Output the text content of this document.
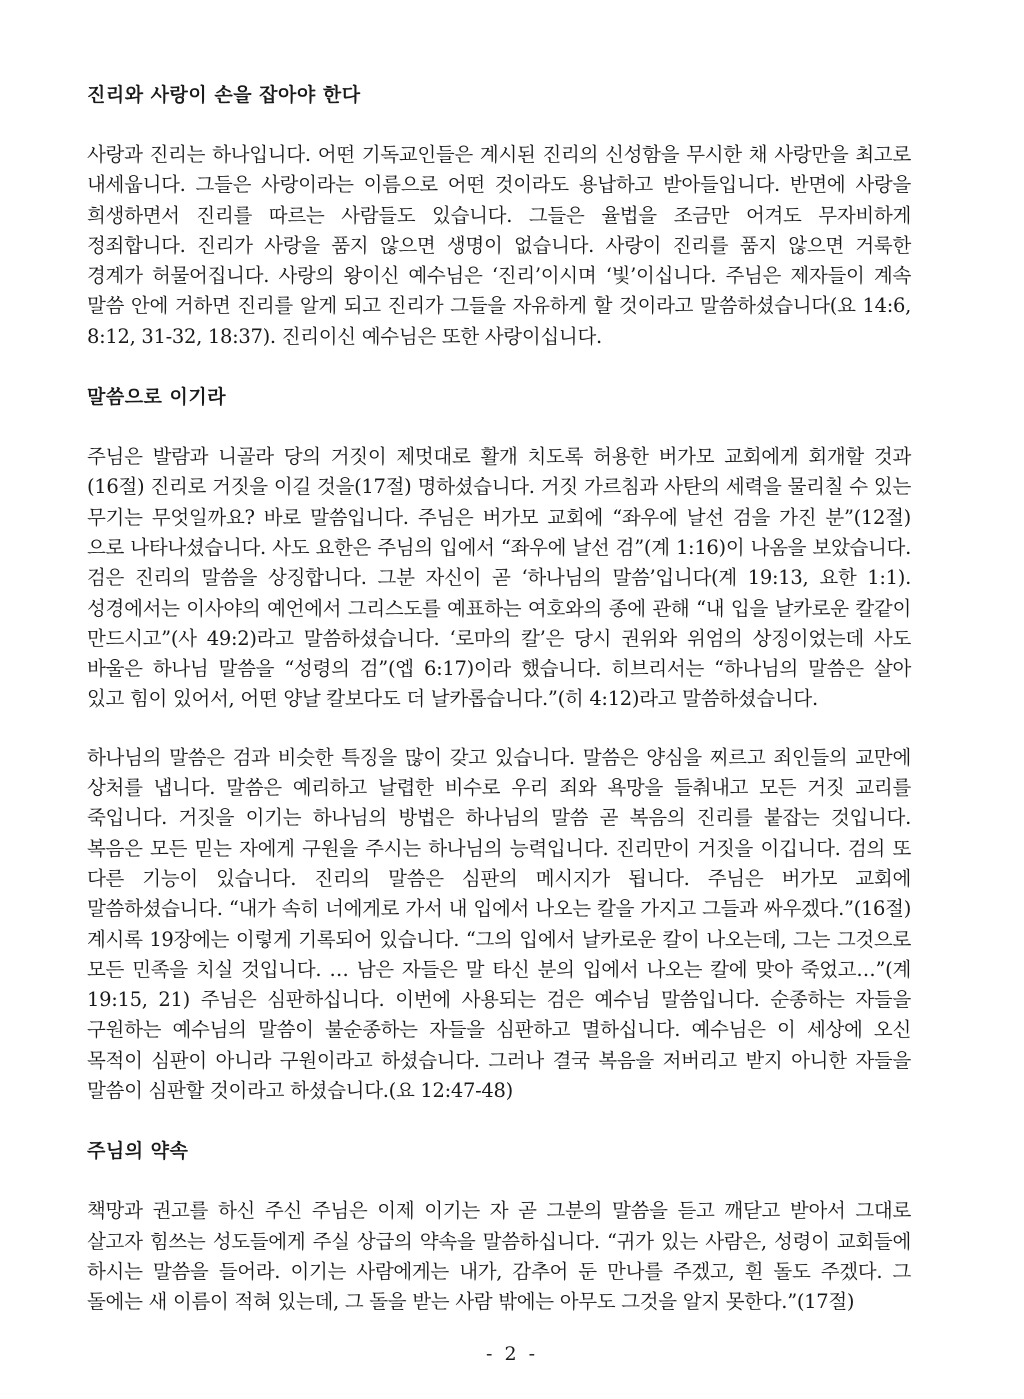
진리와 사랑이 손을 잡아야 한다

사랑과 진리는 하나입니다. 어떤 기독교인들은 계시된 진리의 신성함을 무시한 채 사랑만을 최고로 내세웁니다. 그들은 사랑이라는 이름으로 어떤 것이라도 용납하고 받아들입니다. 반면에 사랑을 희생하면서 진리를 따르는 사람들도 있습니다. 그들은 율법을 조금만 어겨도 무자비하게 정죄합니다. 진리가 사랑을 품지 않으면 생명이 없습니다. 사랑이 진리를 품지 않으면 거룩한 경계가 허물어집니다. 사랑의 왕이신 예수님은 ‘진리’이시며 ‘빛’이십니다. 주님은 제자들이 계속 말씀 안에 거하면 진리를 알게 되고 진리가 그들을 자유하게 할 것이라고 말씀하셨습니다(요 14:6, 8:12, 31-32, 18:37). 진리이신 예수님은 또한 사랑이십니다.

말씀으로 이기라

주님은 발람과 니골라 당의 거짓이 제멋대로 활개 치도록 허용한 버가모 교회에게 회개할 것과(16절) 진리로 거짓을 이길 것을(17절) 명하셨습니다. 거짓 가르침과 사탄의 세력을 물리칠 수 있는 무기는 무엇일까요? 바로 말씀입니다. 주님은 버가모 교회에 “좌우에 날선 검을 가진 분”(12절)으로 나타나셨습니다. 사도 요한은 주님의 입에서 “좌우에 날선 검”(계 1:16)이 나옴을 보았습니다. 검은 진리의 말씀을 상징합니다. 그분 자신이 곧 ‘하나님의 말씀’입니다(계 19:13, 요한 1:1). 성경에서는 이사야의 예언에서 그리스도를 예표하는 여호와의 종에 관해 “내 입을 날카로운 칼같이 만드시고”(사 49:2)라고 말씀하셨습니다. ‘로마의 칼’은 당시 권위와 위엄의 상징이었는데 사도 바울은 하나님 말씀을 “성령의 검”(엡 6:17)이라 했습니다. 히브리서는 “하나님의 말씀은 살아 있고 힘이 있어서, 어떤 양날 칼보다도 더 날카롭습니다.”(히 4:12)라고 말씀하셨습니다.

하나님의 말씀은 검과 비슷한 특징을 많이 갖고 있습니다. 말씀은 양심을 찌르고 죄인들의 교만에 상처를 냅니다. 말씀은 예리하고 날렵한 비수로 우리 죄와 욕망을 들춰내고 모든 거짓 교리를 죽입니다. 거짓을 이기는 하나님의 방법은 하나님의 말씀 곧 복음의 진리를 붙잡는 것입니다. 복음은 모든 믿는 자에게 구원을 주시는 하나님의 능력입니다. 진리만이 거짓을 이깁니다. 검의 또 다른 기능이 있습니다. 진리의 말씀은 심판의 메시지가 됩니다. 주님은 버가모 교회에 말씀하셨습니다. “내가 속히 너에게로 가서 내 입에서 나오는 칼을 가지고 그들과 싸우겠다.”(16절) 계시록 19장에는 이렇게 기록되어 있습니다. “그의 입에서 날카로운 칼이 나오는데, 그는 그것으로 모든 민족을 치실 것입니다. … 남은 자들은 말 타신 분의 입에서 나오는 칼에 맞아 죽었고…”(계 19:15, 21) 주님은 심판하십니다. 이번에 사용되는 검은 예수님 말씀입니다. 순종하는 자들을 구원하는 예수님의 말씀이 불순종하는 자들을 심판하고 멸하십니다. 예수님은 이 세상에 오신 목적이 심판이 아니라 구원이라고 하셨습니다. 그러나 결국 복음을 저버리고 받지 아니한 자들을 말씀이 심판할 것이라고 하셨습니다.(요 12:47-48)

주님의 약속

책망과 권고를 하신 주신 주님은 이제 이기는 자 곧 그분의 말씀을 듣고 깨닫고 받아서 그대로 살고자 힘쓰는 성도들에게 주실 상급의 약속을 말씀하십니다. “귀가 있는 사람은, 성령이 교회들에 하시는 말씀을 들어라. 이기는 사람에게는 내가, 감추어 둔 만나를 주겠고, 흰 돌도 주겠다. 그 돌에는 새 이름이 적혀 있는데, 그 돌을 받는 사람 밖에는 아무도 그것을 알지 못한다.”(17절)

- 2 -
